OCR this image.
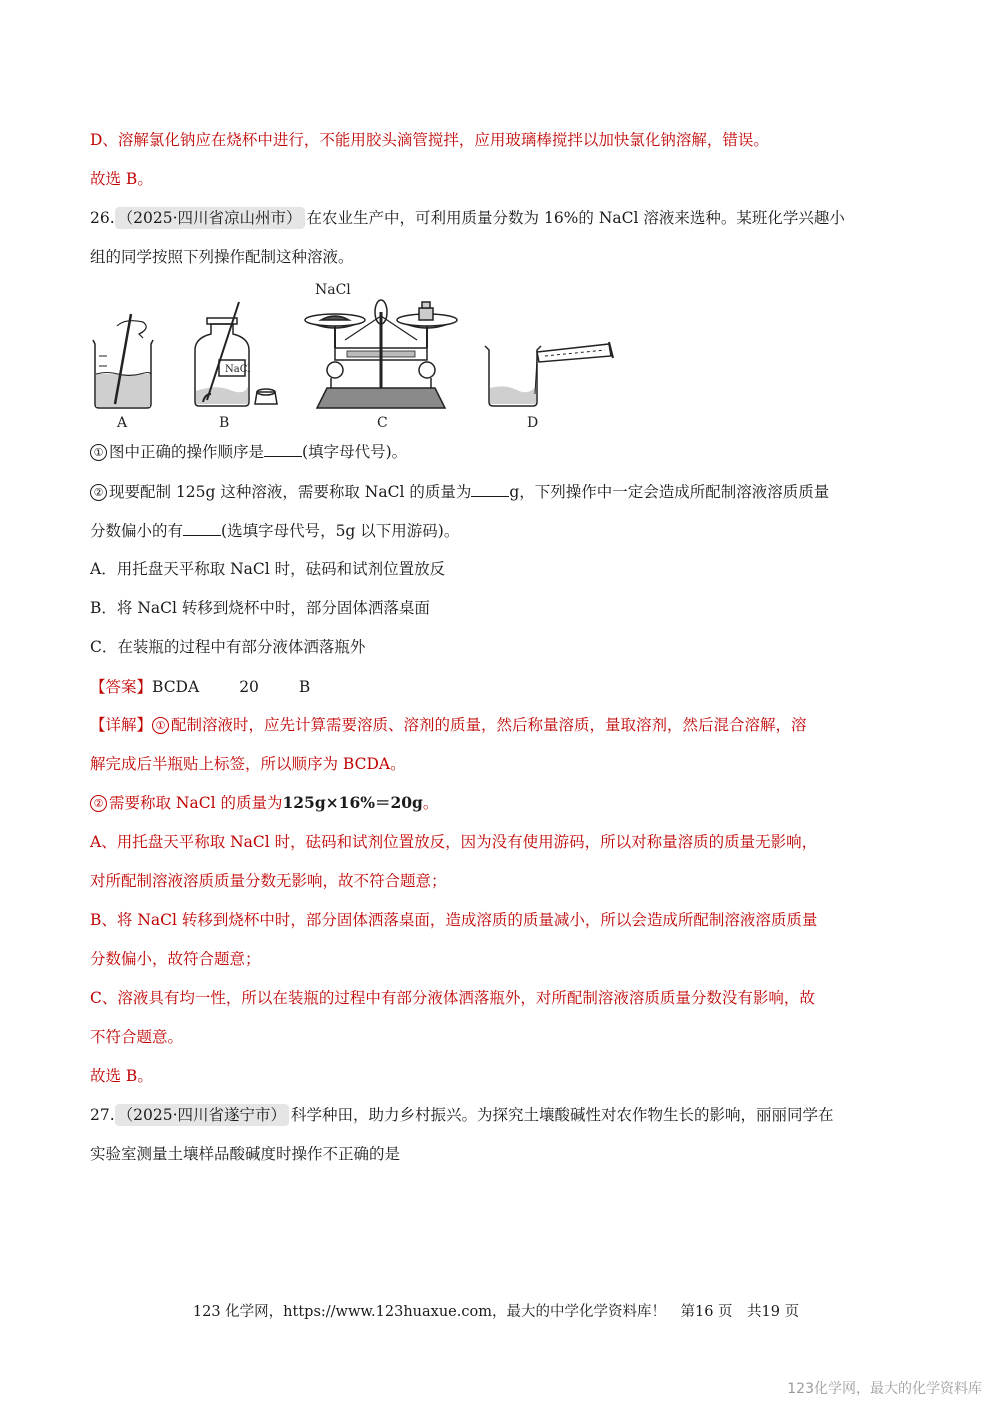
D、溶解氯化钠应在烧杯中进行，不能用胶头滴管搅拌，应用玻璃棒搅拌以加快氯化钠溶解，错误。
故选 B。
26. （2025·四川省凉山州市） 在农业生产中，可利用质量分数为 16%的 NaCl 溶液来选种。某班化学兴趣小
组的同学按照下列操作配制这种溶液。
NaCl
NaCl
A	B	C	D
① 图中正确的操作顺序是 (填字母代号)。
② 现要配制 125g 这种溶液，需要称取 NaCl 的质量为 g，下列操作中一定会造成所配制溶液溶质质量
分数偏小的有 (选填字母代号，5g 以下用游码)。
A．用托盘天平称取 NaCl 时，砝码和试剂位置放反
B．将 NaCl 转移到烧杯中时，部分固体洒落桌面
C．在装瓶的过程中有部分液体洒落瓶外
【答案】BCDA	20	B
【详解】 ① 配制溶液时，应先计算需要溶质、溶剂的质量，然后称量溶质，量取溶剂，然后混合溶解，溶
解完成后半瓶贴上标签，所以顺序为 BCDA。
② 需要称取 NaCl 的质量为125g×16%＝20g。
A、用托盘天平称取 NaCl 时，砝码和试剂位置放反，因为没有使用游码，所以对称量溶质的质量无影响，
对所配制溶液溶质质量分数无影响，故不符合题意；
B、将 NaCl 转移到烧杯中时，部分固体洒落桌面，造成溶质的质量减小，所以会造成所配制溶液溶质质量
分数偏小，故符合题意；
C、溶液具有均一性，所以在装瓶的过程中有部分液体洒落瓶外，对所配制溶液溶质质量分数没有影响，故
不符合题意。
故选 B。
27. （2025·四川省遂宁市） 科学种田，助力乡村振兴。为探究土壤酸碱性对农作物生长的影响，丽丽同学在
实验室测量土壤样品酸碱度时操作不正确的是
123 化学网，https://www.123huaxue.com，最大的中学化学资料库！　第16 页　共19 页
123化学网，最大的化学资料库
